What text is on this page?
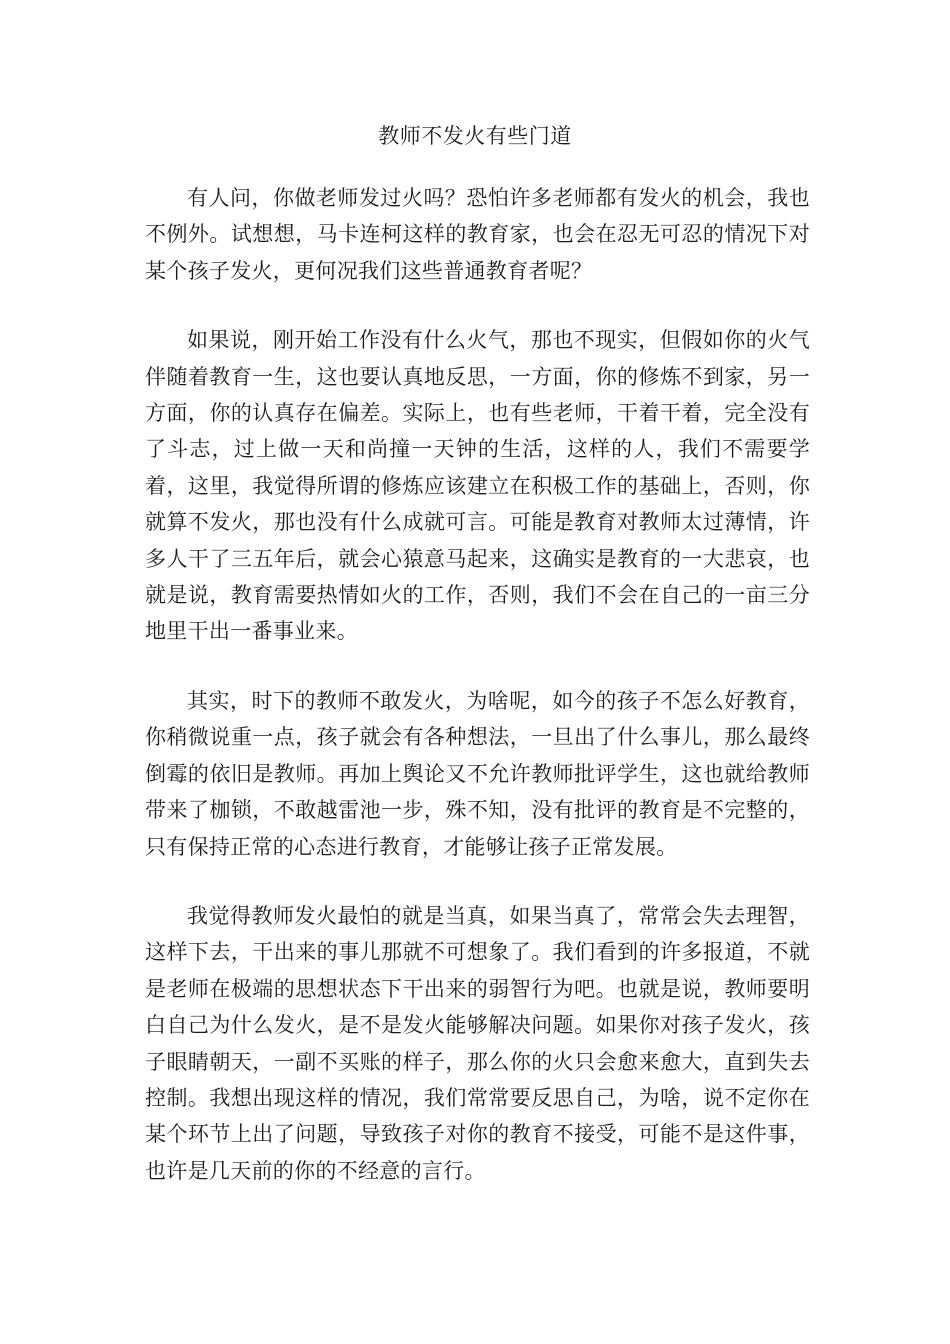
教师不发火有些门道

有人问，你做老师发过火吗？恐怕许多老师都有发火的机会，我也不例外。试想想，马卡连柯这样的教育家，也会在忍无可忍的情况下对某个孩子发火，更何况我们这些普通教育者呢？

如果说，刚开始工作没有什么火气，那也不现实，但假如你的火气伴随着教育一生，这也要认真地反思，一方面，你的修炼不到家，另一方面，你的认真存在偏差。实际上，也有些老师，干着干着，完全没有了斗志，过上做一天和尚撞一天钟的生活，这样的人，我们不需要学着，这里，我觉得所谓的修炼应该建立在积极工作的基础上，否则，你就算不发火，那也没有什么成就可言。可能是教育对教师太过薄情，许多人干了三五年后，就会心猿意马起来，这确实是教育的一大悲哀，也就是说，教育需要热情如火的工作，否则，我们不会在自己的一亩三分地里干出一番事业来。

其实，时下的教师不敢发火，为啥呢，如今的孩子不怎么好教育，你稍微说重一点，孩子就会有各种想法，一旦出了什么事儿，那么最终倒霉的依旧是教师。再加上舆论又不允许教师批评学生，这也就给教师带来了枷锁，不敢越雷池一步，殊不知，没有批评的教育是不完整的，只有保持正常的心态进行教育，才能够让孩子正常发展。

我觉得教师发火最怕的就是当真，如果当真了，常常会失去理智，这样下去，干出来的事儿那就不可想象了。我们看到的许多报道，不就是老师在极端的思想状态下干出来的弱智行为吧。也就是说，教师要明白自己为什么发火，是不是发火能够解决问题。如果你对孩子发火，孩子眼睛朝天，一副不买账的样子，那么你的火只会愈来愈大，直到失去控制。我想出现这样的情况，我们常常要反思自己，为啥，说不定你在某个环节上出了问题，导致孩子对你的教育不接受，可能不是这件事，也许是几天前的你的不经意的言行。
